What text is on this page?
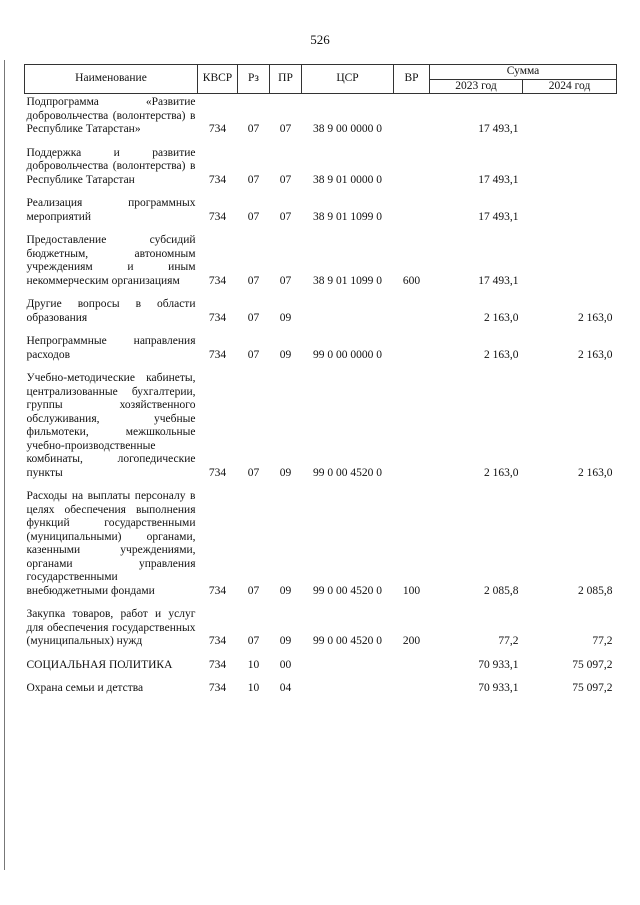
526
Наименование	КВСР	Рз	ПР	ЦСР	ВР	Сумма	
						2023 год	2024 год
Подпрограмма «Развитие добровольчества (волонтерства) в Республике Татарстан»	734	07	07	38 9 00 0000 0		17 493,1	
Поддержка и развитие добровольчества (волонтерства) в Республике Татарстан	734	07	07	38 9 01 0000 0		17 493,1	
Реализация программных мероприятий	734	07	07	38 9 01 1099 0		17 493,1	
Предоставление субсидий бюджетным, автономным учреждениям и иным некоммерческим организациям	734	07	07	38 9 01 1099 0	600	17 493,1	
Другие вопросы в области образования	734	07	09			2 163,0	2 163,0
Непрограммные направления расходов	734	07	09	99 0 00 0000 0		2 163,0	2 163,0
Учебно-методические кабинеты, централизованные бухгалтерии, группы хозяйственного обслуживания, учебные фильмотеки, межшкольные учебно-производственные комбинаты, логопедические пункты	734	07	09	99 0 00 4520 0		2 163,0	2 163,0
Расходы на выплаты персоналу в целях обеспечения выполнения функций государственными (муниципальными) органами, казенными учреждениями, органами управления государственными внебюджетными фондами	734	07	09	99 0 00 4520 0	100	2 085,8	2 085,8
Закупка товаров, работ и услуг для обеспечения государственных (муниципальных) нужд	734	07	09	99 0 00 4520 0	200	77,2	77,2
СОЦИАЛЬНАЯ ПОЛИТИКА	734	10	00			70 933,1	75 097,2
Охрана семьи и детства	734	10	04			70 933,1	75 097,2
